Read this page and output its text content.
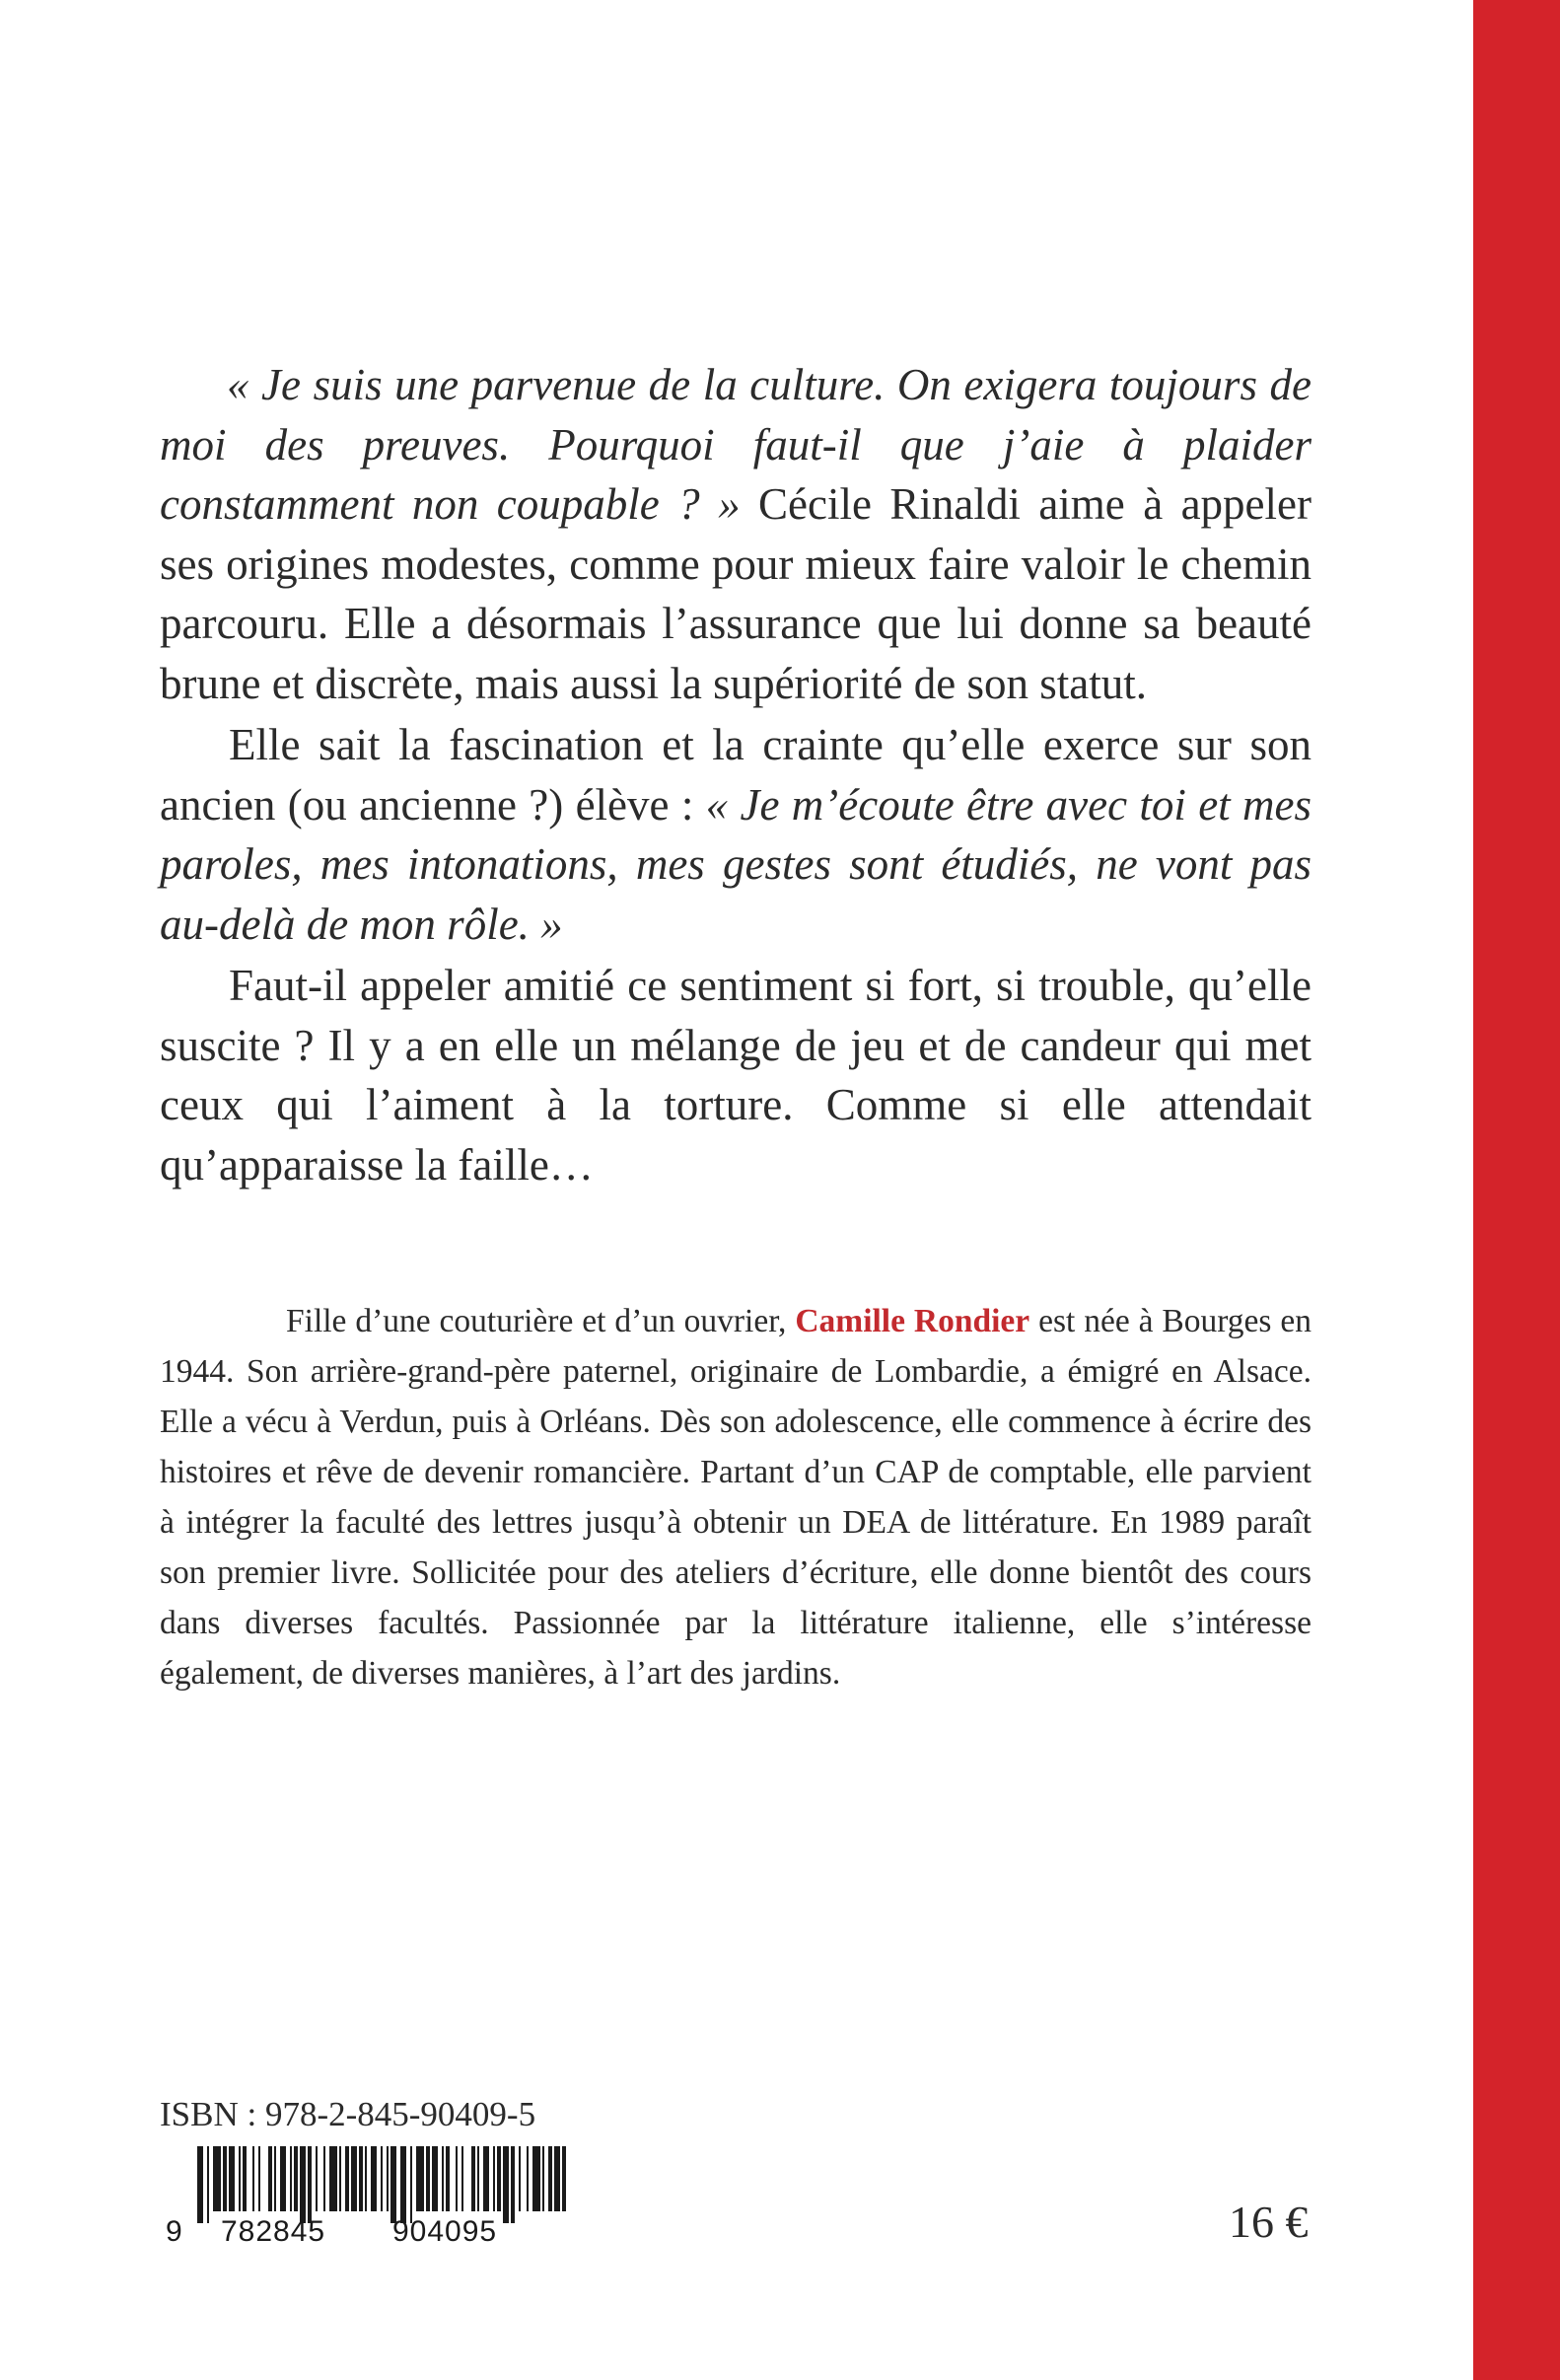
« Je suis une parvenue de la culture. On exigera toujours de moi des preuves. Pourquoi faut-il que j’aie à plaider constamment non coupable ? » Cécile Rinaldi aime à appeler ses origines modestes, comme pour mieux faire valoir le chemin parcouru. Elle a désormais l’assurance que lui donne sa beauté brune et discrète, mais aussi la supériorité de son statut.

Elle sait la fascination et la crainte qu’elle exerce sur son ancien (ou ancienne ?) élève : « Je m’écoute être avec toi et mes paroles, mes intonations, mes gestes sont étudiés, ne vont pas au-delà de mon rôle. »

Faut-il appeler amitié ce sentiment si fort, si trouble, qu’elle suscite ? Il y a en elle un mélange de jeu et de candeur qui met ceux qui l’aiment à la torture. Comme si elle attendait qu’apparaisse la faille…

Fille d’une couturière et d’un ouvrier, Camille Rondier est née à Bourges en 1944. Son arrière-grand-père paternel, originaire de Lombardie, a émigré en Alsace. Elle a vécu à Verdun, puis à Orléans. Dès son adolescence, elle commence à écrire des histoires et rêve de devenir romancière. Partant d’un CAP de comptable, elle parvient à intégrer la faculté des lettres jusqu’à obtenir un DEA de littérature. En 1989 paraît son premier livre. Sollicitée pour des ateliers d’écriture, elle donne bientôt des cours dans diverses facultés. Passionnée par la littérature italienne, elle s’intéresse également, de diverses manières, à l’art des jardins.

ISBN : 978-2-845-90409-5
9 782845 904095	16 €
